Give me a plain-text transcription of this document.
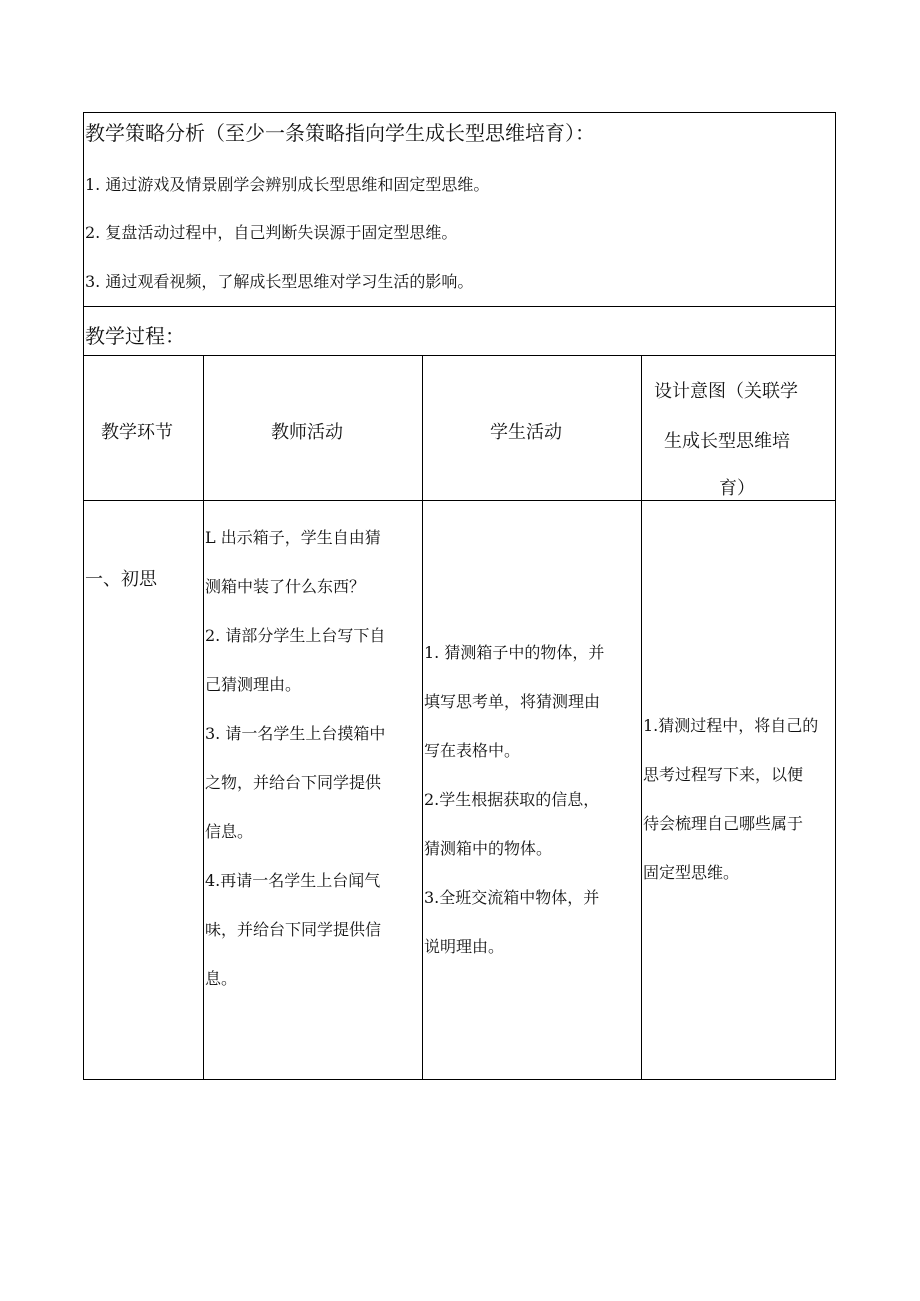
教学策略分析（至少一条策略指向学生成长型思维培育）：
1. 通过游戏及情景剧学会辨别成长型思维和固定型思维。
2. 复盘活动过程中，自己判断失误源于固定型思维。
3. 通过观看视频，了解成长型思维对学习生活的影响。
教学过程：
教学环节	教师活动	学生活动
设计意图（关联学
生成长型思维培
育）
一、初思
L 出示箱子，学生自由猜
测箱中装了什么东西？
2. 请部分学生上台写下自
己猜测理由。
3. 请一名学生上台摸箱中
之物，并给台下同学提供
信息。
4.再请一名学生上台闻气
味，并给台下同学提供信
息。
1. 猜测箱子中的物体，并
填写思考单，将猜测理由
写在表格中。
2.学生根据获取的信息，
猜测箱中的物体。
3.全班交流箱中物体，并
说明理由。
1.猜测过程中，将自己的
思考过程写下来，以便
待会梳理自己哪些属于
固定型思维。
